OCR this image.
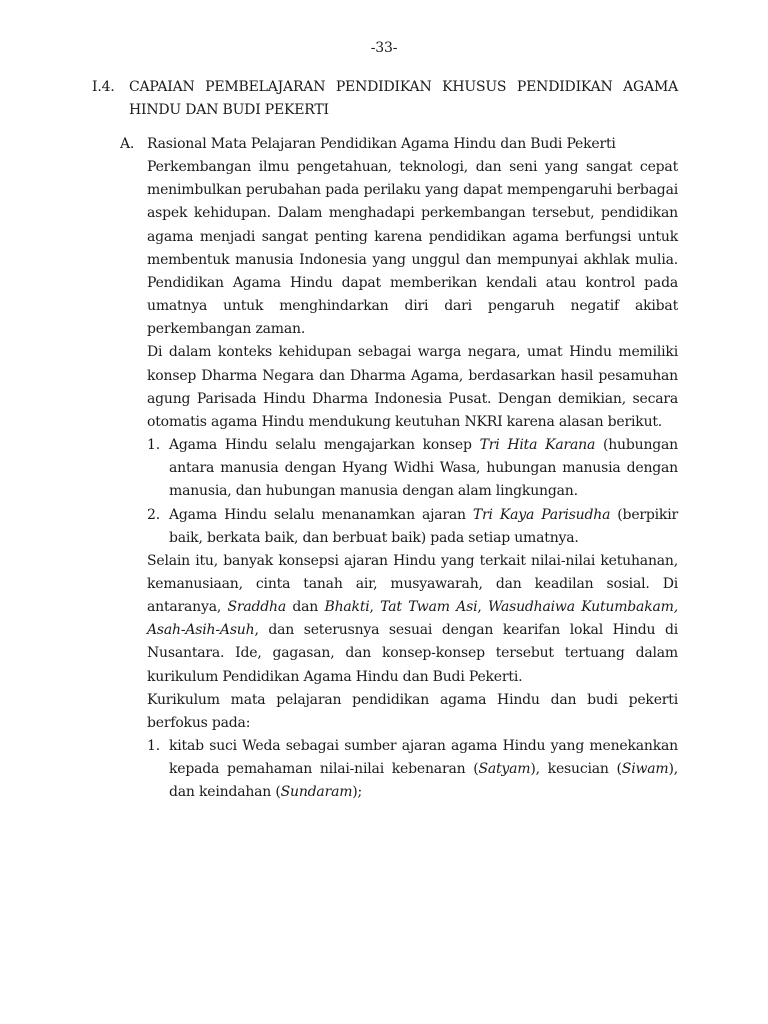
-33-
I.4. CAPAIAN PEMBELAJARAN PENDIDIKAN KHUSUS PENDIDIKAN AGAMA HINDU DAN BUDI PEKERTI
A. Rasional Mata Pelajaran Pendidikan Agama Hindu dan Budi Pekerti

Perkembangan ilmu pengetahuan, teknologi, dan seni yang sangat cepat menimbulkan perubahan pada perilaku yang dapat mempengaruhi berbagai aspek kehidupan. Dalam menghadapi perkembangan tersebut, pendidikan agama menjadi sangat penting karena pendidikan agama berfungsi untuk membentuk manusia Indonesia yang unggul dan mempunyai akhlak mulia. Pendidikan Agama Hindu dapat memberikan kendali atau kontrol pada umatnya untuk menghindarkan diri dari pengaruh negatif akibat perkembangan zaman.

Di dalam konteks kehidupan sebagai warga negara, umat Hindu memiliki konsep Dharma Negara dan Dharma Agama, berdasarkan hasil pesamuhan agung Parisada Hindu Dharma Indonesia Pusat. Dengan demikian, secara otomatis agama Hindu mendukung keutuhan NKRI karena alasan berikut.

1. Agama Hindu selalu mengajarkan konsep Tri Hita Karana (hubungan antara manusia dengan Hyang Widhi Wasa, hubungan manusia dengan manusia, dan hubungan manusia dengan alam lingkungan.
2. Agama Hindu selalu menanamkan ajaran Tri Kaya Parisudha (berpikir baik, berkata baik, dan berbuat baik) pada setiap umatnya.

Selain itu, banyak konsepsi ajaran Hindu yang terkait nilai-nilai ketuhanan, kemanusiaan, cinta tanah air, musyawarah, dan keadilan sosial. Di antaranya, Sraddha dan Bhakti, Tat Twam Asi, Wasudhaiwa Kutumbakam, Asah-Asih-Asuh, dan seterusnya sesuai dengan kearifan lokal Hindu di Nusantara. Ide, gagasan, dan konsep-konsep tersebut tertuang dalam kurikulum Pendidikan Agama Hindu dan Budi Pekerti.

Kurikulum mata pelajaran pendidikan agama Hindu dan budi pekerti berfokus pada:

1. kitab suci Weda sebagai sumber ajaran agama Hindu yang menekankan kepada pemahaman nilai-nilai kebenaran (Satyam), kesucian (Siwam), dan keindahan (Sundaram);
